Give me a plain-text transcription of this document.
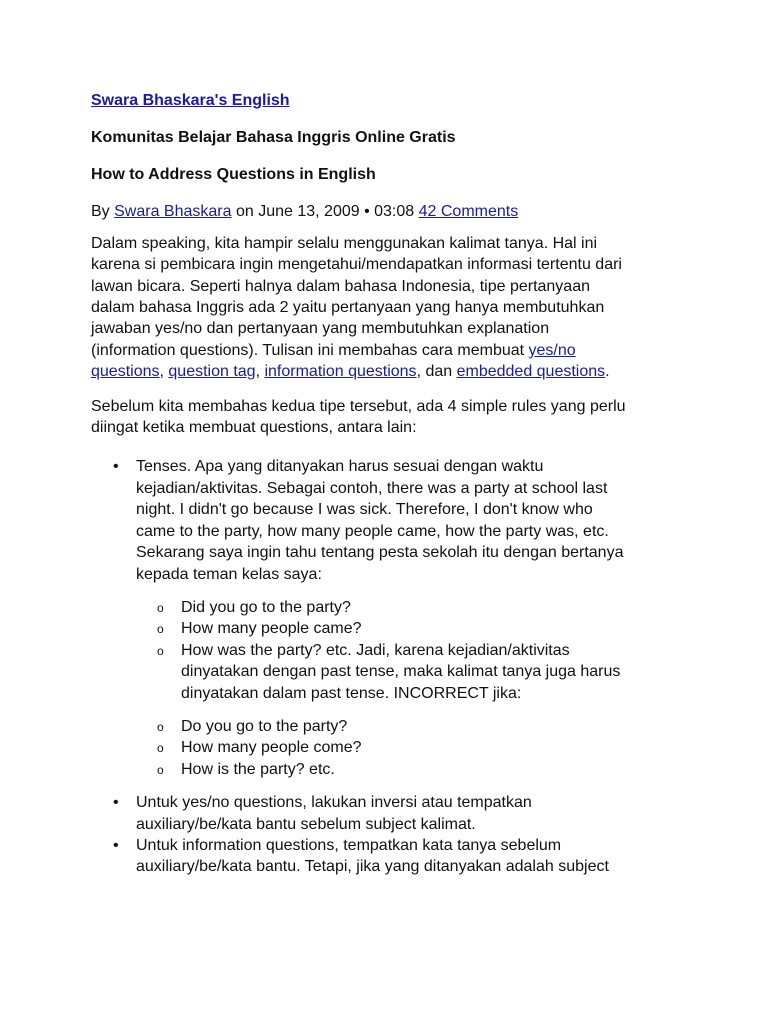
Swara Bhaskara's English
Komunitas Belajar Bahasa Inggris Online Gratis
How to Address Questions in English
By Swara Bhaskara on June 13, 2009 • 03:08 42 Comments

Dalam speaking, kita hampir selalu menggunakan kalimat tanya. Hal ini
karena si pembicara ingin mengetahui/mendapatkan informasi tertentu dari
lawan bicara. Seperti halnya dalam bahasa Indonesia, tipe pertanyaan
dalam bahasa Inggris ada 2 yaitu pertanyaan yang hanya membutuhkan
jawaban yes/no dan pertanyaan yang membutuhkan explanation
(information questions). Tulisan ini membahas cara membuat yes/no
questions, question tag, information questions, dan embedded questions.

Sebelum kita membahas kedua tipe tersebut, ada 4 simple rules yang perlu
diingat ketika membuat questions, antara lain:

• Tenses. Apa yang ditanyakan harus sesuai dengan waktu
kejadian/aktivitas. Sebagai contoh, there was a party at school last
night. I didn't go because I was sick. Therefore, I don't know who
came to the party, how many people came, how the party was, etc.
Sekarang saya ingin tahu tentang pesta sekolah itu dengan bertanya
kepada teman kelas saya:
o Did you go to the party?
o How many people came?
o How was the party? etc. Jadi, karena kejadian/aktivitas
dinyatakan dengan past tense, maka kalimat tanya juga harus
dinyatakan dalam past tense. INCORRECT jika:
o Do you go to the party?
o How many people come?
o How is the party? etc.
• Untuk yes/no questions, lakukan inversi atau tempatkan
auxiliary/be/kata bantu sebelum subject kalimat.
• Untuk information questions, tempatkan kata tanya sebelum
auxiliary/be/kata bantu. Tetapi, jika yang ditanyakan adalah subject
